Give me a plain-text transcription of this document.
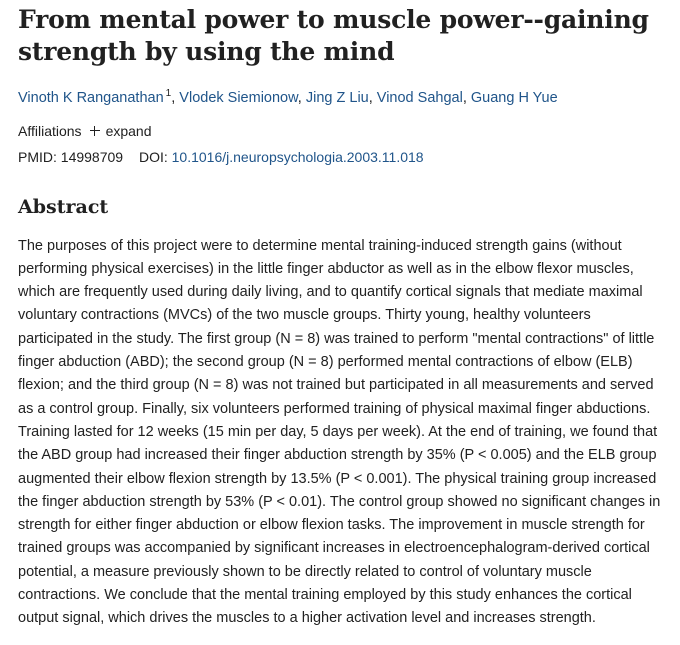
From mental power to muscle power--gaining strength by using the mind
Vinoth K Ranganathan $^1$, Vlodek Siemionow, Jing Z Liu, Vinod Sahgal, Guang H Yue
Affiliations expand
PMID: 14998709 DOI: 10.1016/j.neuropsychologia.2003.11.018
Abstract

The purposes of this project were to determine mental training-induced strength gains (without performing physical exercises) in the little finger abductor as well as in the elbow flexor muscles, which are frequently used during daily living, and to quantify cortical signals that mediate maximal voluntary contractions (MVCs) of the two muscle groups. Thirty young, healthy volunteers participated in the study. The first group (N = 8) was trained to perform "mental contractions" of little finger abduction (ABD); the second group (N = 8) performed mental contractions of elbow (ELB) flexion; and the third group (N = 8) was not trained but participated in all measurements and served as a control group. Finally, six volunteers performed training of physical maximal finger abductions. Training lasted for 12 weeks (15 min per day, 5 days per week). At the end of training, we found that the ABD group had increased their finger abduction strength by 35% (P < 0.005) and the ELB group augmented their elbow flexion strength by 13.5% (P < 0.001). The physical training group increased the finger abduction strength by 53% (P < 0.01). The control group showed no significant changes in strength for either finger abduction or elbow flexion tasks. The improvement in muscle strength for trained groups was accompanied by significant increases in electroencephalogram-derived cortical potential, a measure previously shown to be directly related to control of voluntary muscle contractions. We conclude that the mental training employed by this study enhances the cortical output signal, which drives the muscles to a higher activation level and increases strength.
